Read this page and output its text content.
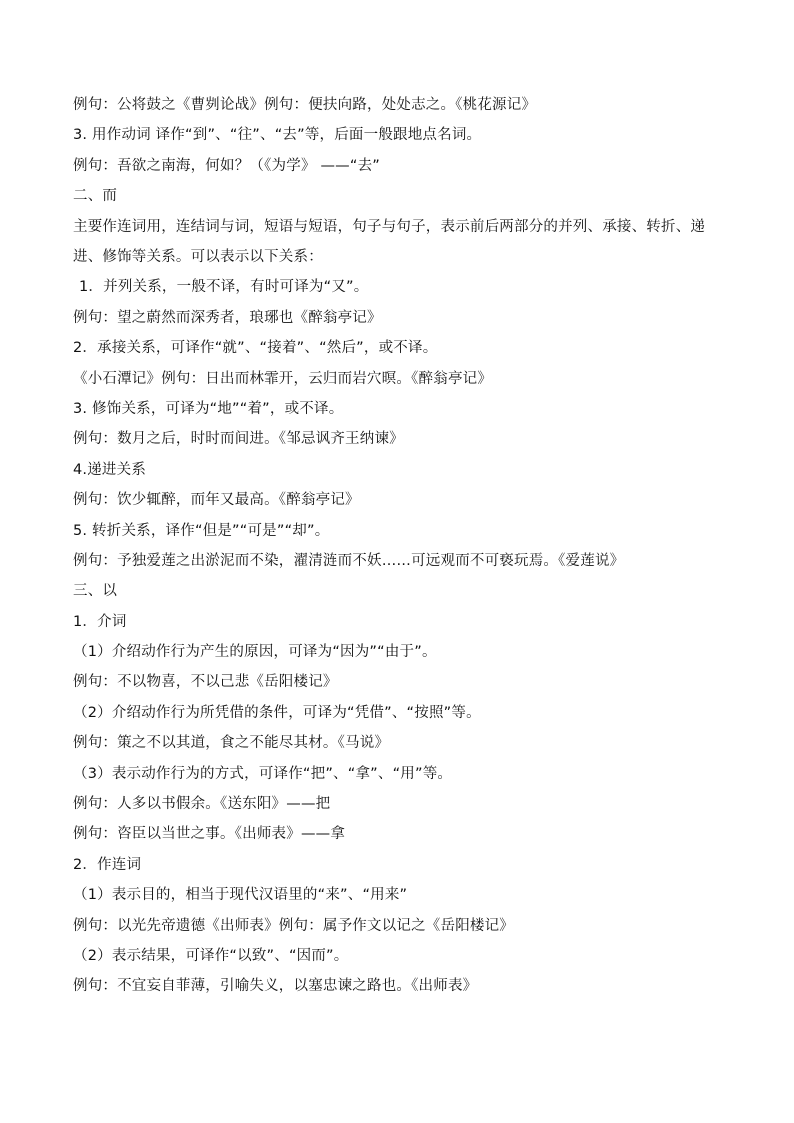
例句：公将鼓之《曹刿论战》例句：便扶向路，处处志之。《桃花源记》
3. 用作动词 译作“到”、“往”、“去”等，后面一般跟地点名词。
例句：吾欲之南海，何如？（《为学》 ——“去”
二、而
主要作连词用，连结词与词，短语与短语，句子与句子，表示前后两部分的并列、承接、转折、递进、修饰等关系。可以表示以下关系：
1．并列关系，一般不译，有时可译为“又”。
例句：望之蔚然而深秀者，琅琊也《醉翁亭记》
2．承接关系，可译作“就”、“接着”、“然后”，或不译。
《小石潭记》例句：日出而林霏开，云归而岩穴暝。《醉翁亭记》
3. 修饰关系，可译为“地”“着”，或不译。
例句：数月之后，时时而间进。《邹忌讽齐王纳谏》
4.递进关系
例句：饮少辄醉，而年又最高。《醉翁亭记》
5. 转折关系，译作“但是”“可是”“却”。
例句：予独爱莲之出淤泥而不染，濯清涟而不妖……可远观而不可亵玩焉。《爱莲说》
三、以
1．介词
（1）介绍动作行为产生的原因，可译为“因为”“由于”。
例句：不以物喜，不以己悲《岳阳楼记》
（2）介绍动作行为所凭借的条件，可译为“凭借”、“按照”等。
例句：策之不以其道，食之不能尽其材。《马说》
（3）表示动作行为的方式，可译作“把”、“拿”、“用”等。
例句：人多以书假余。《送东阳》——把
例句：咨臣以当世之事。《出师表》——拿
2．作连词
（1）表示目的，相当于现代汉语里的“来”、“用来”
例句：以光先帝遗德《出师表》例句：属予作文以记之《岳阳楼记》
（2）表示结果，可译作“以致”、“因而”。
例句：不宜妄自菲薄，引喻失义，以塞忠谏之路也。《出师表》
